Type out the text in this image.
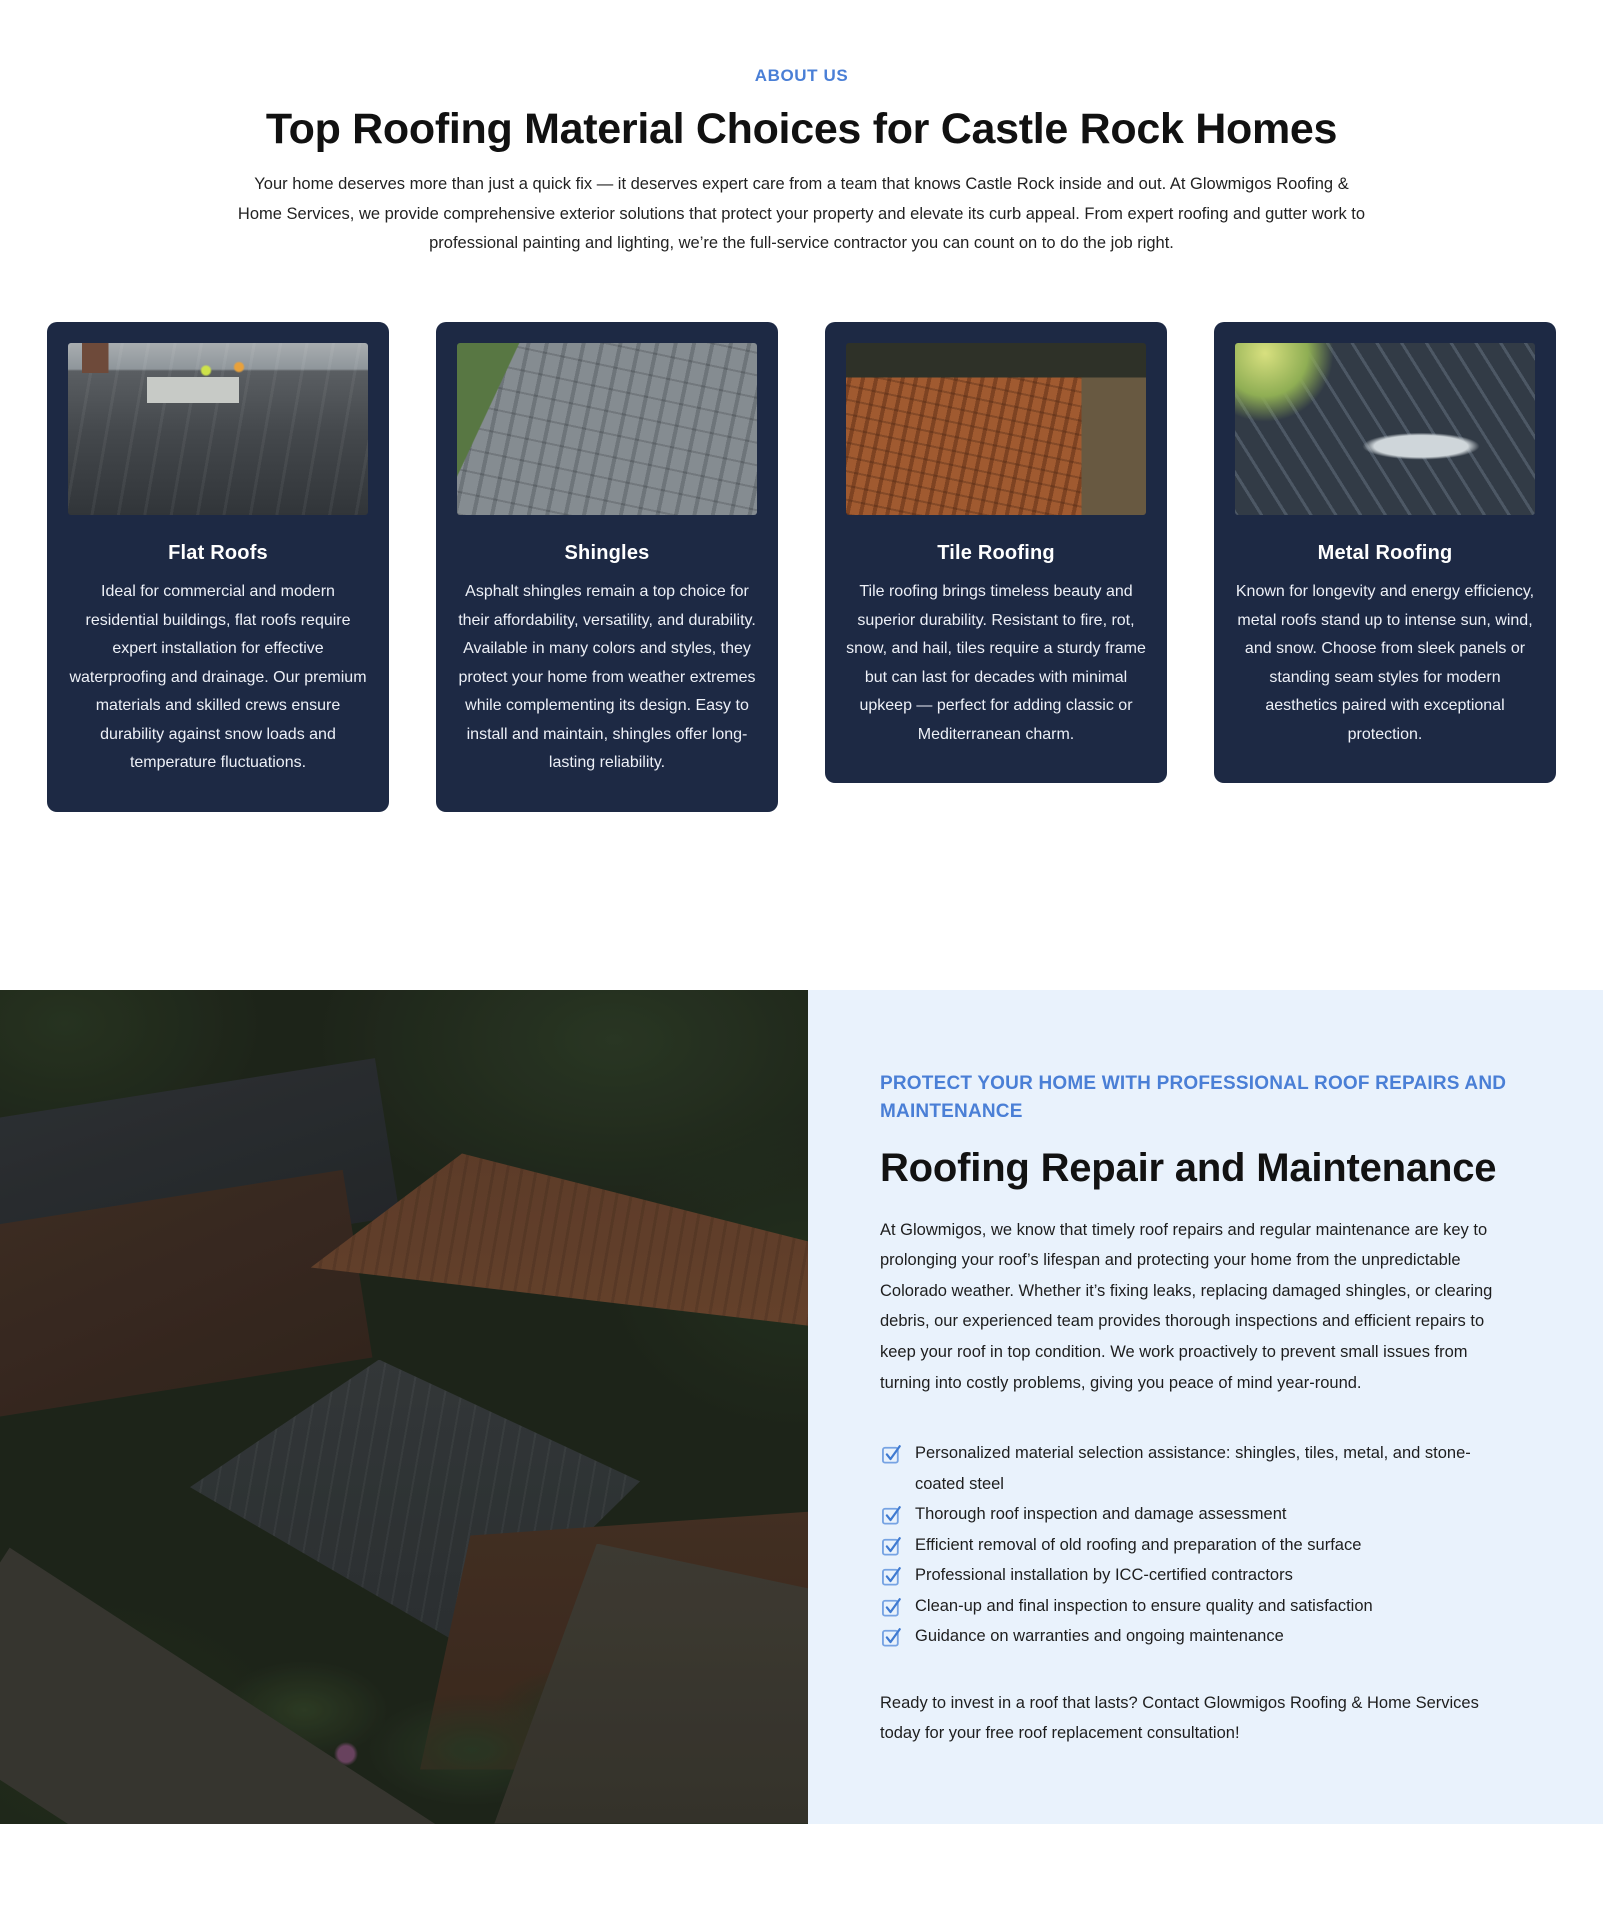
ABOUT US
Top Roofing Material Choices for Castle Rock Homes

Your home deserves more than just a quick fix — it deserves expert care from a team that knows Castle Rock inside and out. At Glowmigos Roofing & Home Services, we provide comprehensive exterior solutions that protect your property and elevate its curb appeal. From expert roofing and gutter work to professional painting and lighting, we’re the full-service contractor you can count on to do the job right.

Flat Roofs

Ideal for commercial and modern residential buildings, flat roofs require expert installation for effective waterproofing and drainage. Our premium materials and skilled crews ensure durability against snow loads and temperature fluctuations.

Shingles

Asphalt shingles remain a top choice for their affordability, versatility, and durability. Available in many colors and styles, they protect your home from weather extremes while complementing its design. Easy to install and maintain, shingles offer long-lasting reliability.

Tile Roofing

Tile roofing brings timeless beauty and superior durability. Resistant to fire, rot, snow, and hail, tiles require a sturdy frame but can last for decades with minimal upkeep — perfect for adding classic or Mediterranean charm.

Metal Roofing

Known for longevity and energy efficiency, metal roofs stand up to intense sun, wind, and snow. Choose from sleek panels or standing seam styles for modern aesthetics paired with exceptional protection.

PROTECT YOUR HOME WITH PROFESSIONAL ROOF REPAIRS AND MAINTENANCE
Roofing Repair and Maintenance

At Glowmigos, we know that timely roof repairs and regular maintenance are key to prolonging your roof’s lifespan and protecting your home from the unpredictable Colorado weather. Whether it’s fixing leaks, replacing damaged shingles, or clearing debris, our experienced team provides thorough inspections and efficient repairs to keep your roof in top condition. We work proactively to prevent small issues from turning into costly problems, giving you peace of mind year-round.

Personalized material selection assistance: shingles, tiles, metal, and stone-coated steel
Thorough roof inspection and damage assessment
Efficient removal of old roofing and preparation of the surface
Professional installation by ICC-certified contractors
Clean-up and final inspection to ensure quality and satisfaction
Guidance on warranties and ongoing maintenance

Ready to invest in a roof that lasts? Contact Glowmigos Roofing & Home Services today for your free roof replacement consultation!
